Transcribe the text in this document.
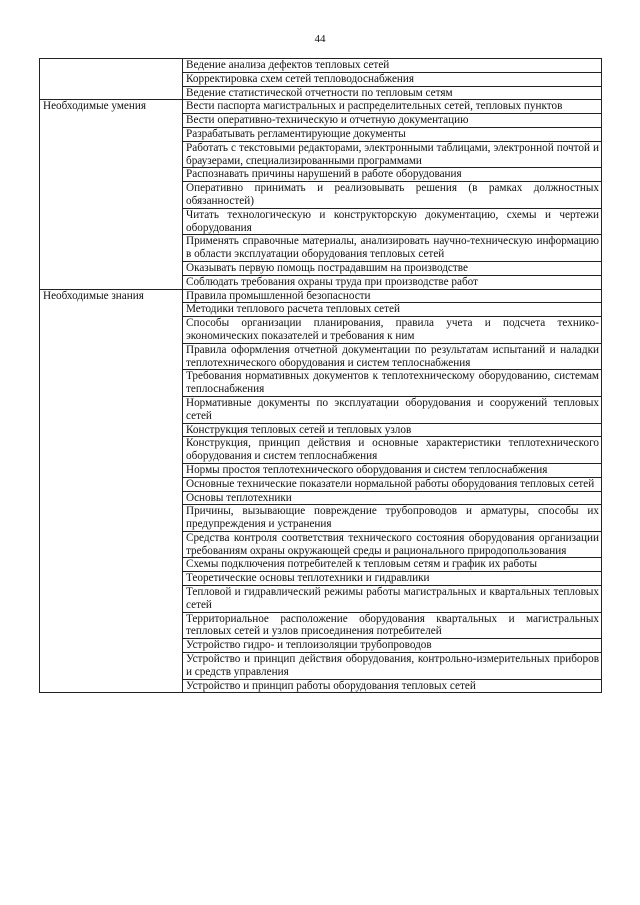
44
	Ведение анализа дефектов тепловых сетей
	Корректировка схем сетей тепловодоснабжения
	Ведение статистической отчетности по тепловым сетям
Необходимые умения	Вести паспорта магистральных и распределительных сетей, тепловых пунктов
	Вести оперативно-техническую и отчетную документацию
	Разрабатывать регламентирующие документы
	Работать с текстовыми редакторами, электронными таблицами, электронной почтой и браузерами, специализированными программами
	Распознавать причины нарушений в работе оборудования
	Оперативно принимать и реализовывать решения (в рамках должностных обязанностей)
	Читать технологическую и конструкторскую документацию, схемы и чертежи оборудования
	Применять справочные материалы, анализировать научно-техническую информацию в области эксплуатации оборудования тепловых сетей
	Оказывать первую помощь пострадавшим на производстве
	Соблюдать требования охраны труда при производстве работ
Необходимые знания	Правила промышленной безопасности
	Методики теплового расчета тепловых сетей
	Способы организации планирования, правила учета и подсчета технико-экономических показателей и требования к ним
	Правила оформления отчетной документации по результатам испытаний и наладки теплотехнического оборудования и систем теплоснабжения
	Требования нормативных документов к теплотехническому оборудованию, системам теплоснабжения
	Нормативные документы по эксплуатации оборудования и сооружений тепловых сетей
	Конструкция тепловых сетей и тепловых узлов
	Конструкция, принцип действия и основные характеристики теплотехнического оборудования и систем теплоснабжения
	Нормы простоя теплотехнического оборудования и систем теплоснабжения
	Основные технические показатели нормальной работы оборудования тепловых сетей
	Основы теплотехники
	Причины, вызывающие повреждение трубопроводов и арматуры, способы их предупреждения и устранения
	Средства контроля соответствия технического состояния оборудования организации требованиям охраны окружающей среды и рационального природопользования
	Схемы подключения потребителей к тепловым сетям и график их работы
	Теоретические основы теплотехники и гидравлики
	Тепловой и гидравлический режимы работы магистральных и квартальных тепловых сетей
	Территориальное расположение оборудования квартальных и магистральных тепловых сетей и узлов присоединения потребителей
	Устройство гидро- и теплоизоляции трубопроводов
	Устройство и принцип действия оборудования, контрольно-измерительных приборов и средств управления
	Устройство и принцип работы оборудования тепловых сетей
